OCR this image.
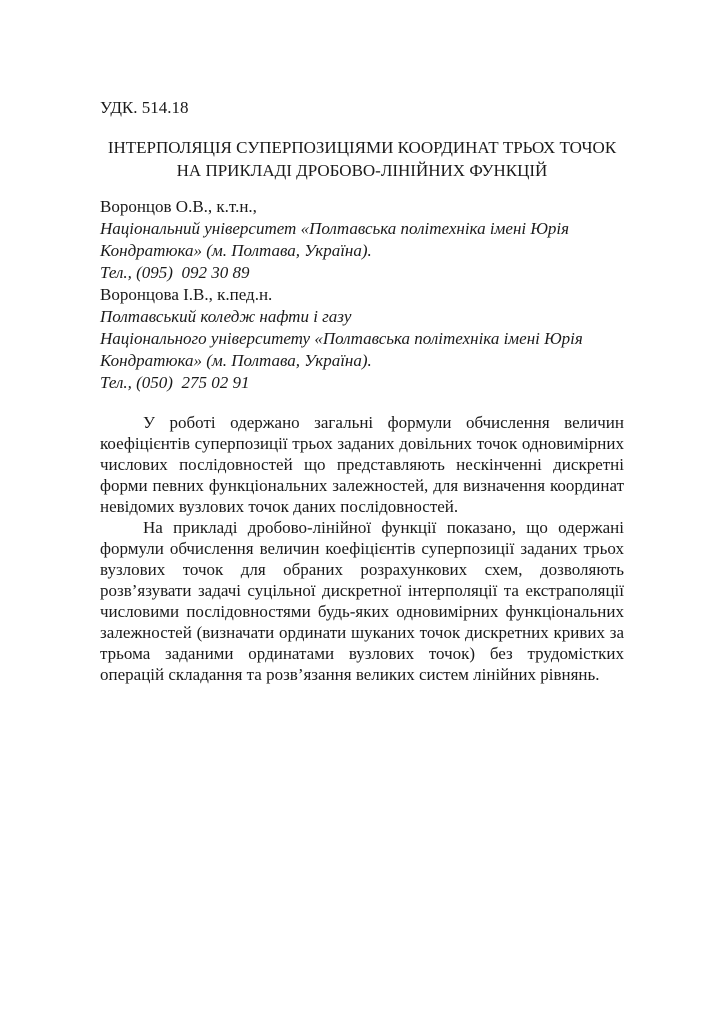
УДК. 514.18

ІНТЕРПОЛЯЦІЯ СУПЕРПОЗИЦІЯМИ КООРДИНАТ ТРЬОХ ТОЧОК
НА ПРИКЛАДІ ДРОБОВО-ЛІНІЙНИХ ФУНКЦІЙ

Воронцов О.В., к.т.н.,

Національний університет «Полтавська політехніка імені Юрія Кондратюка» (м. Полтава, Україна).

Тел., (095)  092 30 89

Воронцова І.В., к.пед.н.

Полтавський коледж нафти і газу

Національного університету «Полтавська політехніка імені Юрія Кондратюка» (м. Полтава, Україна).

Тел., (050)  275 02 91

У роботі одержано загальні формули обчислення величин коефіцієнтів суперпозиції трьох заданих довільних точок одновимірних числових послідовностей що представляють нескінченні дискретні форми певних функціональних залежностей, для визначення координат невідомих вузлових точок даних послідовностей.

На прикладі дробово-лінійної функції показано, що одержані формули обчислення величин коефіцієнтів суперпозиції заданих трьох вузлових точок для обраних розрахункових схем, дозволяють розв’язувати задачі суцільної дискретної інтерполяції та екстраполяції числовими послідовностями будь-яких одновимірних функціональних залежностей (визначати ординати шуканих точок дискретних кривих за трьома заданими ординатами вузлових точок) без трудомістких операцій складання та розв’язання великих систем лінійних рівнянь.
